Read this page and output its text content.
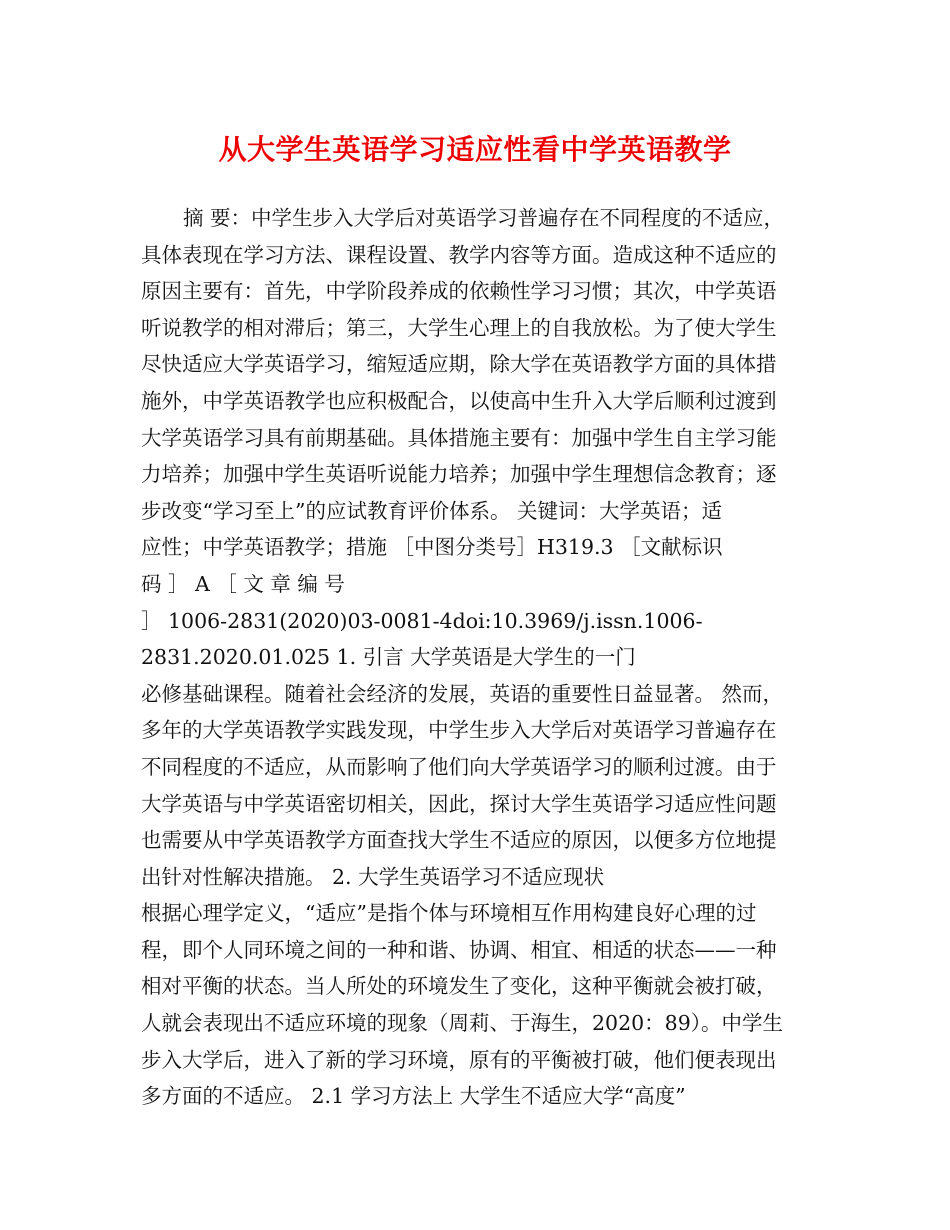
从大学生英语学习适应性看中学英语教学
摘 要：中学生步入大学后对英语学习普遍存在不同程度的不适应，
具体表现在学习方法、课程设置、教学内容等方面。造成这种不适应的
原因主要有：首先，中学阶段养成的依赖性学习习惯；其次，中学英语
听说教学的相对滞后；第三，大学生心理上的自我放松。为了使大学生
尽快适应大学英语学习，缩短适应期，除大学在英语教学方面的具体措
施外，中学英语教学也应积极配合，以使高中生升入大学后顺利过渡到
大学英语学习具有前期基础。具体措施主要有：加强中学生自主学习能
力培养；加强中学生英语听说能力培养；加强中学生理想信念教育；逐
步改变“学习至上”的应试教育评价体系。 关键词：大学英语；适
应性；中学英语教学；措施 ［中图分类号］H319.3 ［文献标识
码 ］ A ［ 文 章 编 号
］ 1006-2831(2020)03-0081-4doi:10.3969/j.issn.1006-
2831.2020.01.025 1. 引言 大学英语是大学生的一门
必修基础课程。随着社会经济的发展，英语的重要性日益显著。 然而，
多年的大学英语教学实践发现，中学生步入大学后对英语学习普遍存在
不同程度的不适应，从而影响了他们向大学英语学习的顺利过渡。由于
大学英语与中学英语密切相关，因此，探讨大学生英语学习适应性问题
也需要从中学英语教学方面查找大学生不适应的原因，以便多方位地提
出针对性解决措施。 2. 大学生英语学习不适应现状
根据心理学定义，“适应”是指个体与环境相互作用构建良好心理的过
程，即个人同环境之间的一种和谐、协调、相宜、相适的状态——一种
相对平衡的状态。当人所处的环境发生了变化，这种平衡就会被打破，
人就会表现出不适应环境的现象（周莉、于海生，2020：89）。中学生
步入大学后，进入了新的学习环境，原有的平衡被打破，他们便表现出
多方面的不适应。 2.1 学习方法上 大学生不适应大学“高度”
